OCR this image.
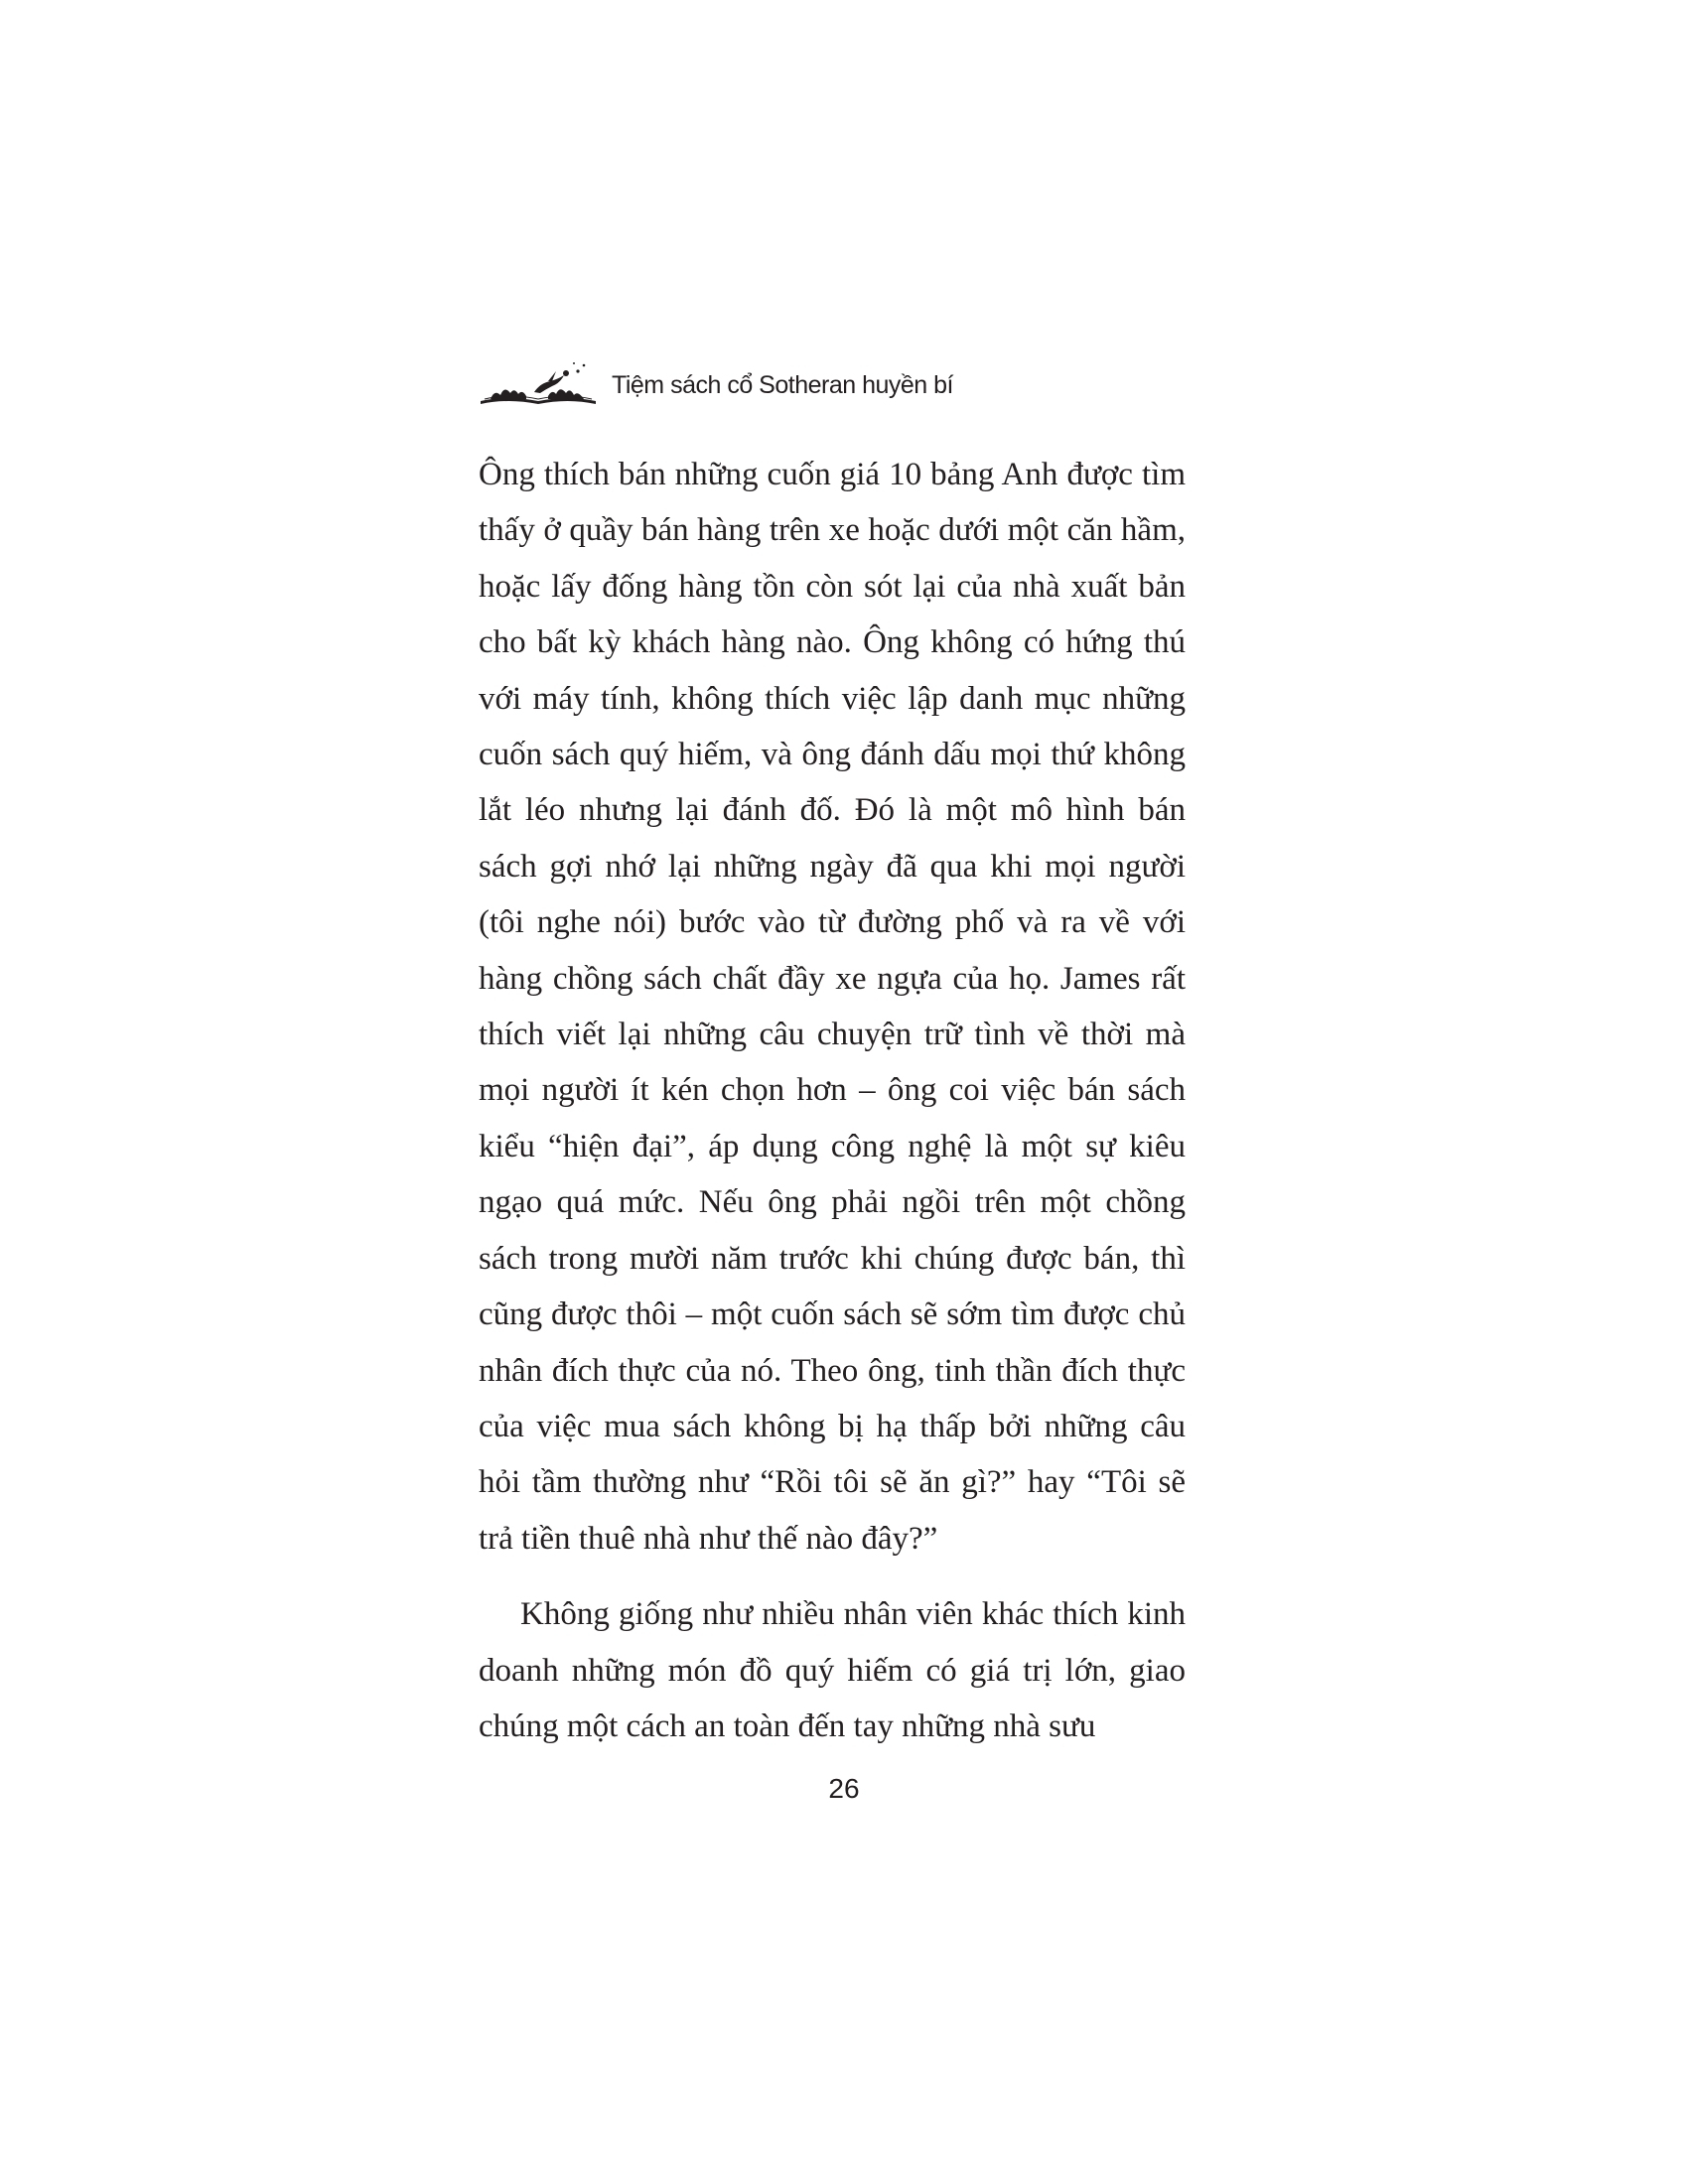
Tiệm sách cổ Sotheran huyền bí

Ông thích bán những cuốn giá 10 bảng Anh được tìm thấy ở quầy bán hàng trên xe hoặc dưới một căn hầm, hoặc lấy đống hàng tồn còn sót lại của nhà xuất bản cho bất kỳ khách hàng nào. Ông không có hứng thú với máy tính, không thích việc lập danh mục những cuốn sách quý hiếm, và ông đánh dấu mọi thứ không lắt léo nhưng lại đánh đố. Đó là một mô hình bán sách gợi nhớ lại những ngày đã qua khi mọi người (tôi nghe nói) bước vào từ đường phố và ra về với hàng chồng sách chất đầy xe ngựa của họ. James rất thích viết lại những câu chuyện trữ tình về thời mà mọi người ít kén chọn hơn – ông coi việc bán sách kiểu “hiện đại”, áp dụng công nghệ là một sự kiêu ngạo quá mức. Nếu ông phải ngồi trên một chồng sách trong mười năm trước khi chúng được bán, thì cũng được thôi – một cuốn sách sẽ sớm tìm được chủ nhân đích thực của nó. Theo ông, tinh thần đích thực của việc mua sách không bị hạ thấp bởi những câu hỏi tầm thường như “Rồi tôi sẽ ăn gì?” hay “Tôi sẽ trả tiền thuê nhà như thế nào đây?”

Không giống như nhiều nhân viên khác thích kinh doanh những món đồ quý hiếm có giá trị lớn, giao chúng một cách an toàn đến tay những nhà sưu

26
